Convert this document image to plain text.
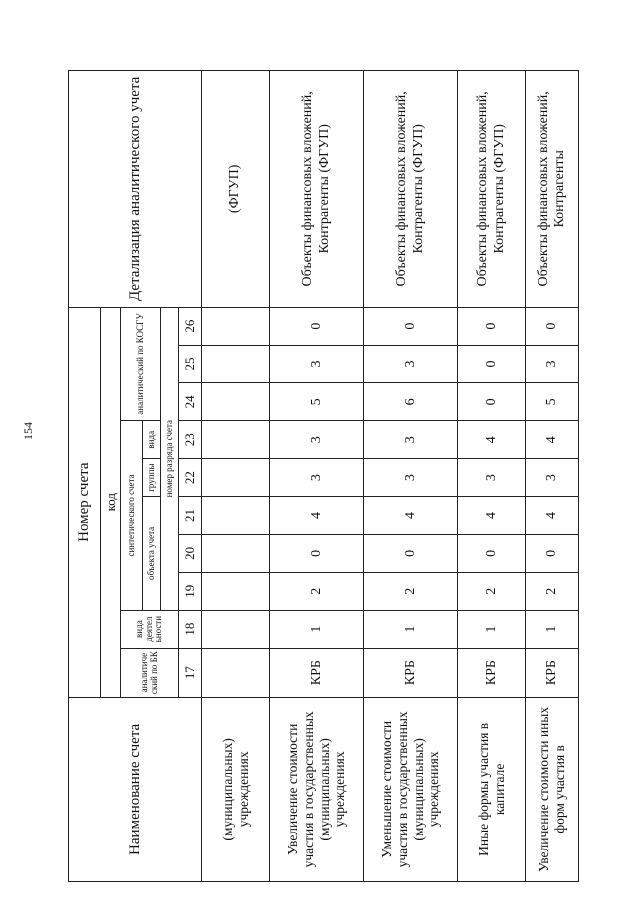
154
Наименование счета	Номер счета										Детализация аналитического учета
	код										
	аналитиче ский по БК	вида деятел ьности	синтетического счета					аналитический по КОСГУ			
			объекта учета			группы	вида				
			номер разряда счета								
	17	18	19	20	21	22	23	24	25	26	
(муниципальных) учреждениях											(ФГУП)
Увеличение стоимости участия в государственных (муниципальных) учреждениях	КРБ	1	2	0	4	3	3	5	3	0	Объекты финансовых вложений, Контрагенты (ФГУП)
Уменьшение стоимости участия в государственных (муниципальных) учреждениях	КРБ	1	2	0	4	3	3	6	3	0	Объекты финансовых вложений, Контрагенты (ФГУП)
Иные формы участия в капитале	КРБ	1	2	0	4	3	4	0	0	0	Объекты финансовых вложений, Контрагенты (ФГУП)
Увеличение стоимости иных форм участия в	КРБ	1	2	0	4	3	4	5	3	0	Объекты финансовых вложений, Контрагенты
